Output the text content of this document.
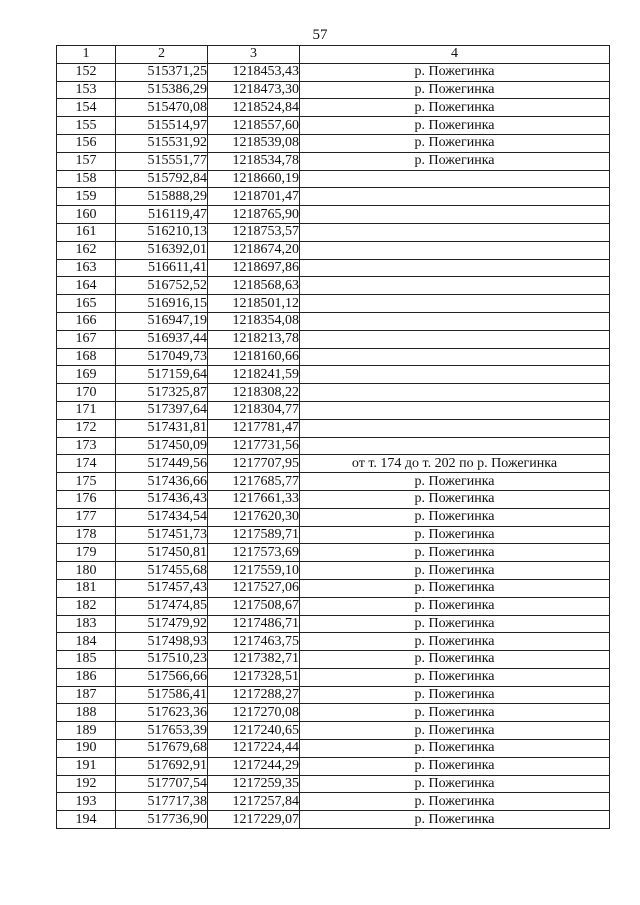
57
1	2	3	4
152	515371,25	1218453,43	р. Пожегинка
153	515386,29	1218473,30	р. Пожегинка
154	515470,08	1218524,84	р. Пожегинка
155	515514,97	1218557,60	р. Пожегинка
156	515531,92	1218539,08	р. Пожегинка
157	515551,77	1218534,78	р. Пожегинка
158	515792,84	1218660,19	
159	515888,29	1218701,47	
160	516119,47	1218765,90	
161	516210,13	1218753,57	
162	516392,01	1218674,20	
163	516611,41	1218697,86	
164	516752,52	1218568,63	
165	516916,15	1218501,12	
166	516947,19	1218354,08	
167	516937,44	1218213,78	
168	517049,73	1218160,66	
169	517159,64	1218241,59	
170	517325,87	1218308,22	
171	517397,64	1218304,77	
172	517431,81	1217781,47	
173	517450,09	1217731,56	
174	517449,56	1217707,95	от т. 174 до т. 202 по р. Пожегинка
175	517436,66	1217685,77	р. Пожегинка
176	517436,43	1217661,33	р. Пожегинка
177	517434,54	1217620,30	р. Пожегинка
178	517451,73	1217589,71	р. Пожегинка
179	517450,81	1217573,69	р. Пожегинка
180	517455,68	1217559,10	р. Пожегинка
181	517457,43	1217527,06	р. Пожегинка
182	517474,85	1217508,67	р. Пожегинка
183	517479,92	1217486,71	р. Пожегинка
184	517498,93	1217463,75	р. Пожегинка
185	517510,23	1217382,71	р. Пожегинка
186	517566,66	1217328,51	р. Пожегинка
187	517586,41	1217288,27	р. Пожегинка
188	517623,36	1217270,08	р. Пожегинка
189	517653,39	1217240,65	р. Пожегинка
190	517679,68	1217224,44	р. Пожегинка
191	517692,91	1217244,29	р. Пожегинка
192	517707,54	1217259,35	р. Пожегинка
193	517717,38	1217257,84	р. Пожегинка
194	517736,90	1217229,07	р. Пожегинка
